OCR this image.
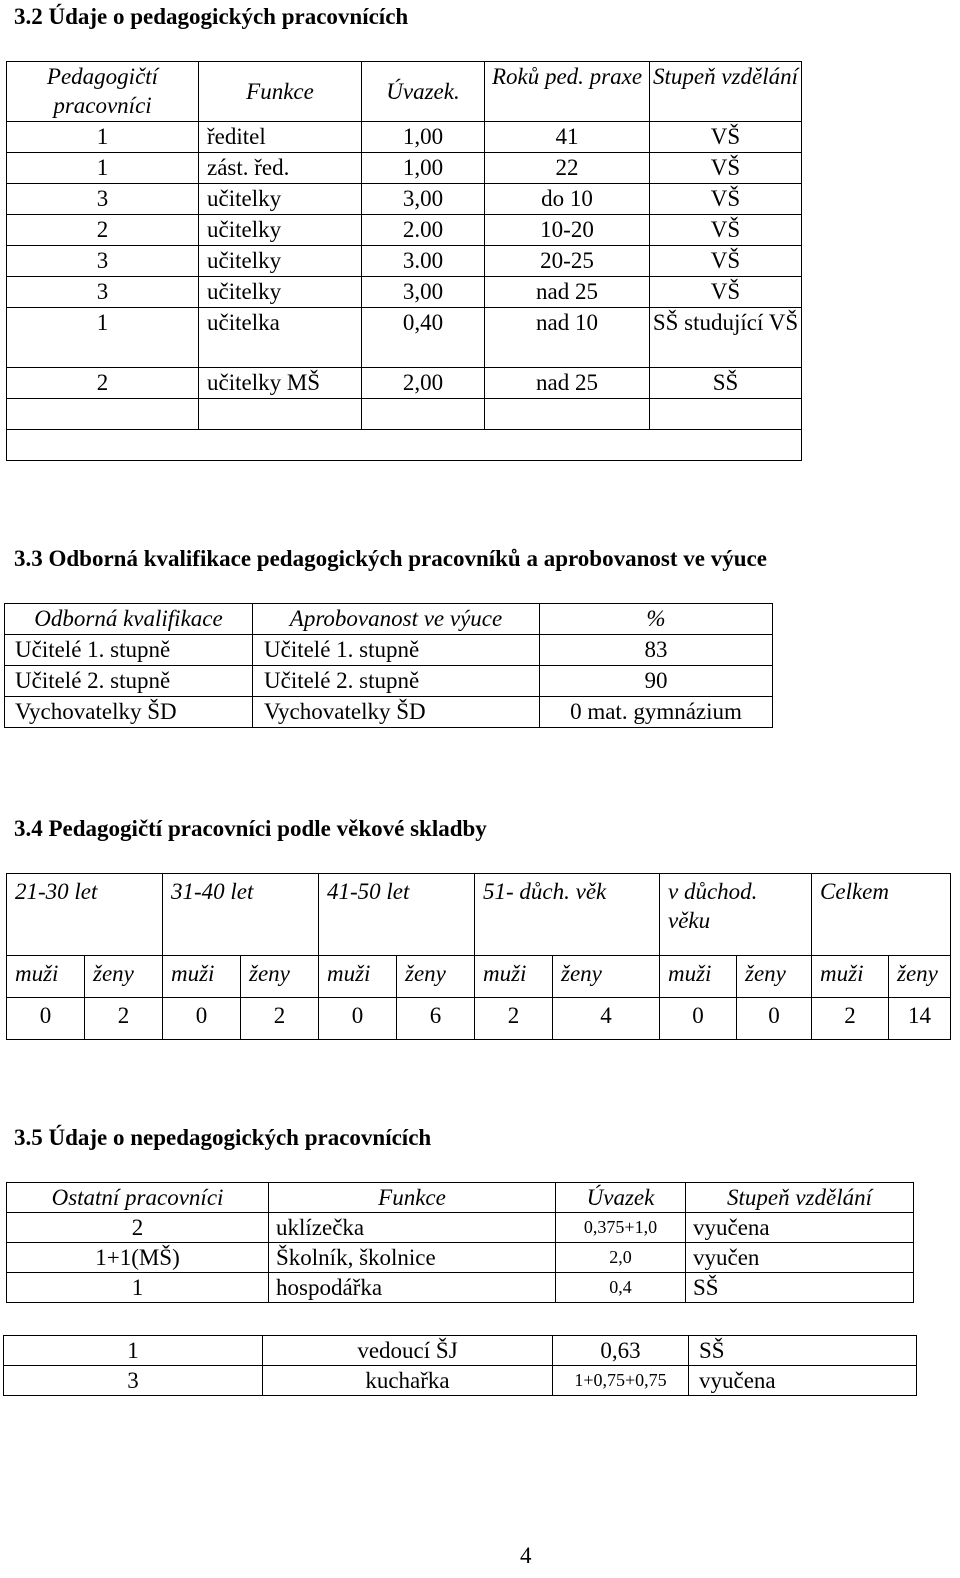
3.2 Údaje o pedagogických pracovnících
Pedagogičtí pracovníci	Funkce	Úvazek.	Roků ped. praxe	Stupeň vzdělání
1	ředitel	1,00	41	VŠ
1	zást. řed.	1,00	22	VŠ
3	učitelky	3,00	do 10	VŠ
2	učitelky	2.00	10-20	VŠ
3	učitelky	3.00	20-25	VŠ
3	učitelky	3,00	nad 25	VŠ
1	učitelka	0,40	nad 10	SŠ studující VŠ
2	učitelky MŠ	2,00	nad 25	SŠ

3.3 Odborná kvalifikace pedagogických pracovníků a aprobovanost ve výuce
Odborná kvalifikace	Aprobovanost ve výuce	%
Učitelé 1. stupně	Učitelé 1. stupně	83
Učitelé 2. stupně	Učitelé 2. stupně	90
Vychovatelky ŠD	Vychovatelky ŠD	0 mat. gymnázium
3.4 Pedagogičtí pracovníci podle věkové skladby
21-30 let		31-40 let		41-50 let		51- důch. věk		v důchod. věku		Celkem	
muži	ženy	muži	ženy	muži	ženy	muži	ženy	muži	ženy	muži	ženy
0	2	0	2	0	6	2	4	0	0	2	14
3.5 Údaje o nepedagogických pracovnících
Ostatní pracovníci	Funkce	Úvazek	Stupeň vzdělání
2	uklízečka	0,375+1,0	vyučena
1+1(MŠ)	Školník, školnice	2,0	vyučen
1	hospodářka	0,4	SŠ
1	vedoucí ŠJ	0,63	SŠ
3	kuchařka	1+0,75+0,75	vyučena
4
